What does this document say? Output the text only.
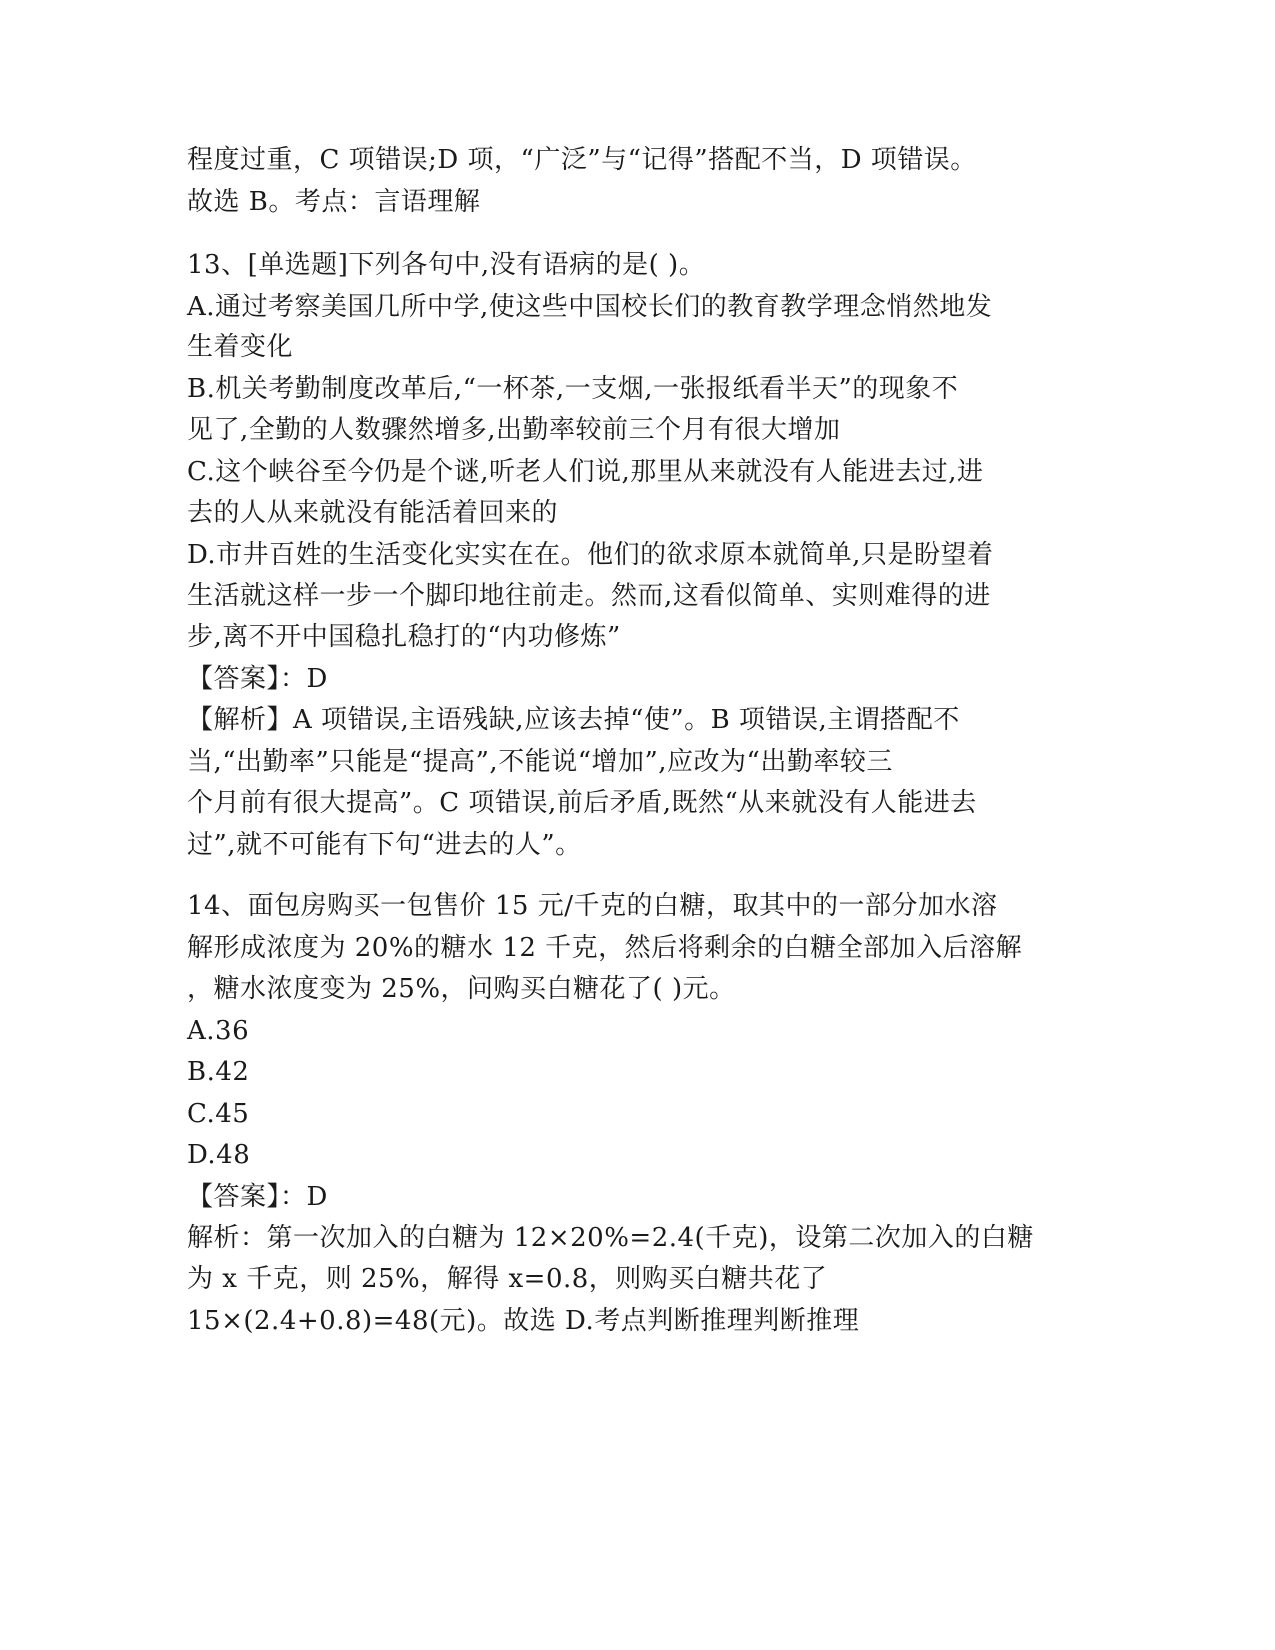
程度过重，C 项错误;D 项，“广泛”与“记得”搭配不当，D 项错误。
故选 B。考点：言语理解
13、[单选题]下列各句中,没有语病的是( )。
A.通过考察美国几所中学,使这些中国校长们的教育教学理念悄然地发
生着变化
B.机关考勤制度改革后,“一杯茶,一支烟,一张报纸看半天”的现象不
见了,全勤的人数骤然增多,出勤率较前三个月有很大增加
C.这个峡谷至今仍是个谜,听老人们说,那里从来就没有人能进去过,进
去的人从来就没有能活着回来的
D.市井百姓的生活变化实实在在。他们的欲求原本就简单,只是盼望着
生活就这样一步一个脚印地往前走。然而,这看似简单、实则难得的进
步,离不开中国稳扎稳打的“内功修炼”
【答案】：D
【解析】A 项错误,主语残缺,应该去掉“使”。B 项错误,主谓搭配不
当,“出勤率”只能是“提高”,不能说“增加”,应改为“出勤率较三
个月前有很大提高”。C 项错误,前后矛盾,既然“从来就没有人能进去
过”,就不可能有下句“进去的人”。
14、面包房购买一包售价 15 元/千克的白糖，取其中的一部分加水溶
解形成浓度为 20%的糖水 12 千克，然后将剩余的白糖全部加入后溶解
，糖水浓度变为 25%，问购买白糖花了( )元。
A.36
B.42
C.45
D.48
【答案】：D
解析：第一次加入的白糖为 12×20%=2.4(千克)，设第二次加入的白糖
为 x 千克，则 25%，解得 x=0.8，则购买白糖共花了
15×(2.4+0.8)=48(元)。故选 D.考点判断推理判断推理
